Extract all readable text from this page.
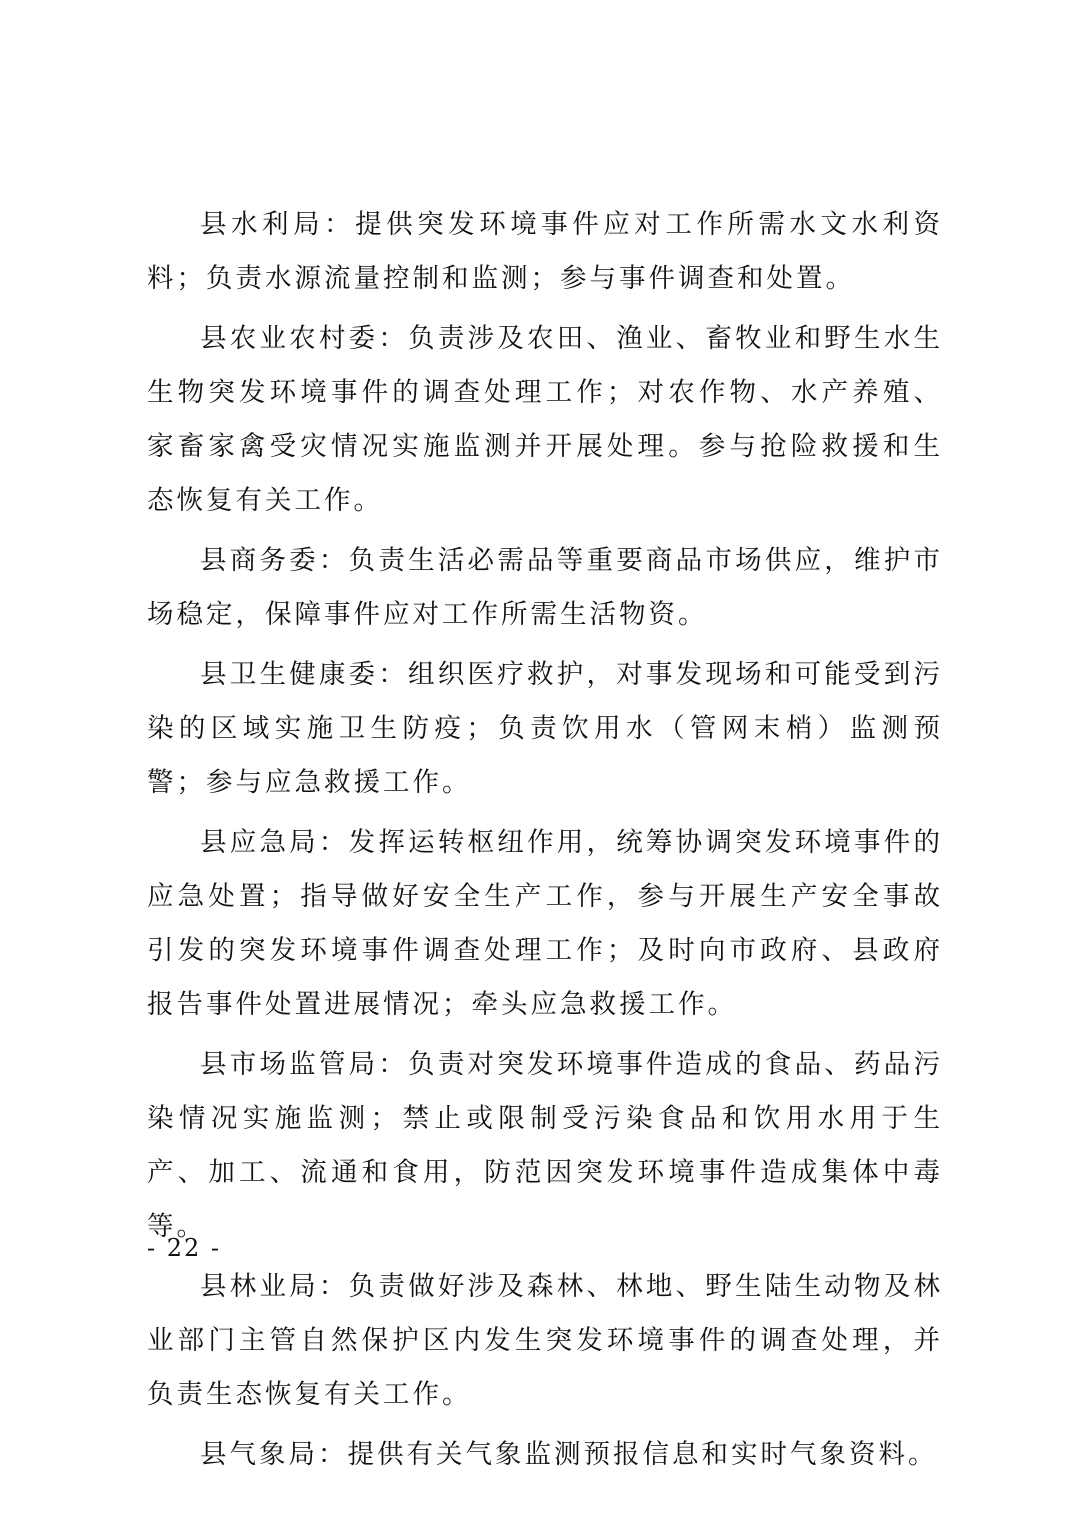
县水利局：提供突发环境事件应对工作所需水文水利资料；负责水源流量控制和监测；参与事件调查和处置。

县农业农村委：负责涉及农田、渔业、畜牧业和野生水生生物突发环境事件的调查处理工作；对农作物、水产养殖、家畜家禽受灾情况实施监测并开展处理。参与抢险救援和生态恢复有关工作。

县商务委：负责生活必需品等重要商品市场供应，维护市场稳定，保障事件应对工作所需生活物资。

县卫生健康委：组织医疗救护，对事发现场和可能受到污染的区域实施卫生防疫；负责饮用水（管网末梢）监测预警；参与应急救援工作。

县应急局：发挥运转枢纽作用，统筹协调突发环境事件的应急处置；指导做好安全生产工作，参与开展生产安全事故引发的突发环境事件调查处理工作；及时向市政府、县政府报告事件处置进展情况；牵头应急救援工作。

县市场监管局：负责对突发环境事件造成的食品、药品污染情况实施监测；禁止或限制受污染食品和饮用水用于生产、加工、流通和食用，防范因突发环境事件造成集体中毒等。

县林业局：负责做好涉及森林、林地、野生陆生动物及林业部门主管自然保护区内发生突发环境事件的调查处理，并负责生态恢复有关工作。

县气象局：提供有关气象监测预报信息和实时气象资料。

- 22 -
